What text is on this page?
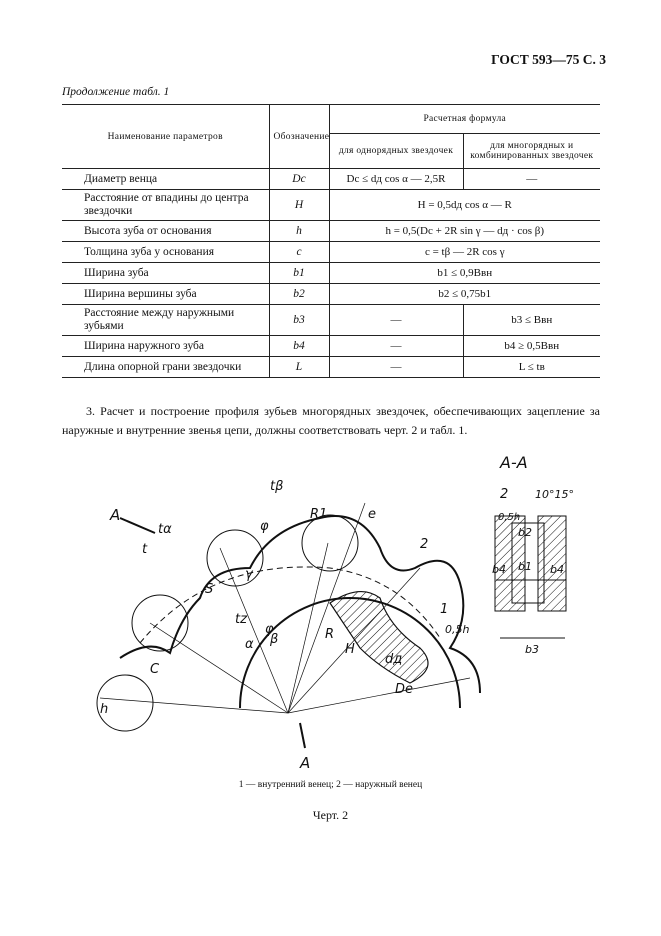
ГОСТ 593—75 С. 3
Продолжение табл. 1
Наименование параметров	Обозначение	Расчетная формула	
		для однорядных звездочек	для многорядных и комбинированных звездочек
Диаметр венца	Dc	Dc ≤ dд cos α — 2,5R	—
Расстояние от впадины до центра звездочки	H	H = 0,5dд cos α — R	
Высота зуба от основания	h	h = 0,5(Dc + 2R sin γ — dд · cos β)	
Толщина зуба у основания	c	c = tβ — 2R cos γ	
Ширина зуба	b1	b1 ≤ 0,9Bвн	
Ширина вершины зуба	b2	b2 ≤ 0,75b1	
Расстояние между наружными зубьями	b3	—	b3 ≤ Bвн
Ширина наружного зуба	b4	—	b4 ≥ 0,5Bвн
Длина опорной грани звездочки	L	—	L ≤ tв
3. Расчет и построение профиля зубьев многорядных звездочек, обеспечивающих зацепление за наружные и внутренние звенья цепи, должны соответствовать черт. 2 и табл. 1.
А-А
А
А
tβ
tα
t
tz
R1	e
φ
φ
α β
γ
S
C
h
H
dд
De
R
1
2
0,5h
2 10°15°
b2
b1
b3
b4	b4
0,5h
1 — внутренний венец; 2 — наружный венец
Черт. 2
